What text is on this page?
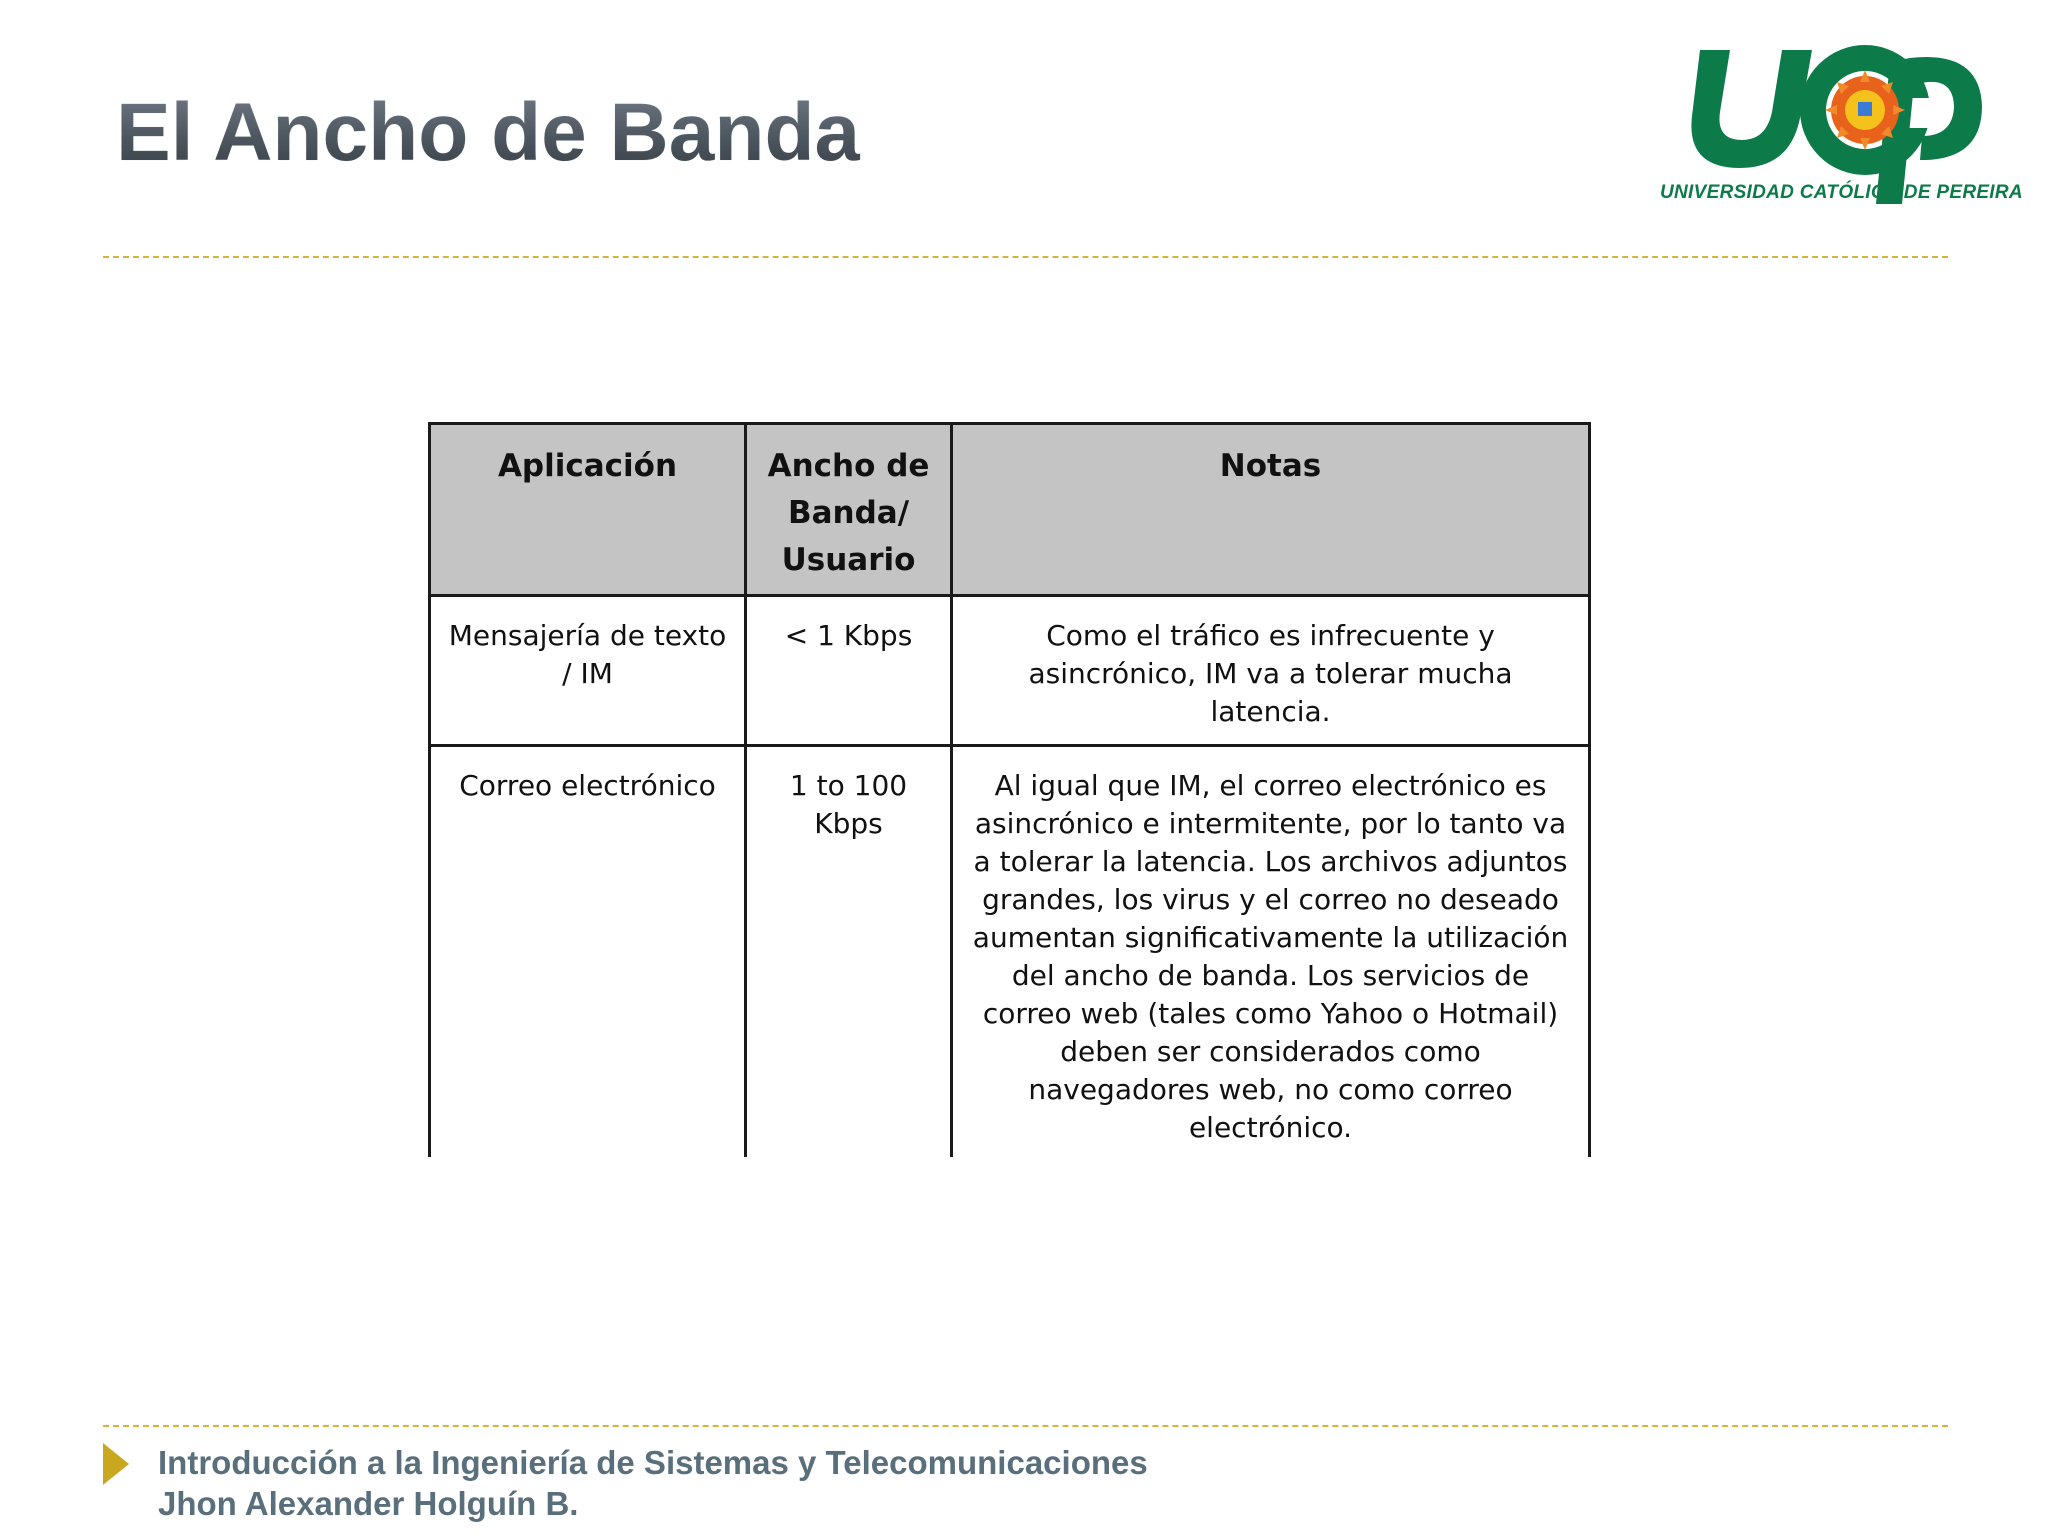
El Ancho de Banda
UNIVERSIDAD CATÓLICA DE PEREIRA
Aplicación	Ancho de Banda/ Usuario	Notas
Mensajería de texto / IM	< 1 Kbps	Como el tráfico es infrecuente y asincrónico, IM va a tolerar mucha latencia.
Correo electrónico	1 to 100 Kbps	Al igual que IM, el correo electrónico es asincrónico e intermitente, por lo tanto va a tolerar la latencia. Los archivos adjuntos grandes, los virus y el correo no deseado aumentan significativamente la utilización del ancho de banda. Los servicios de correo web (tales como Yahoo o Hotmail) deben ser considerados como navegadores web, no como correo electrónico.
Introducción a la Ingeniería de Sistemas y Telecomunicaciones
Jhon Alexander Holguín B.
